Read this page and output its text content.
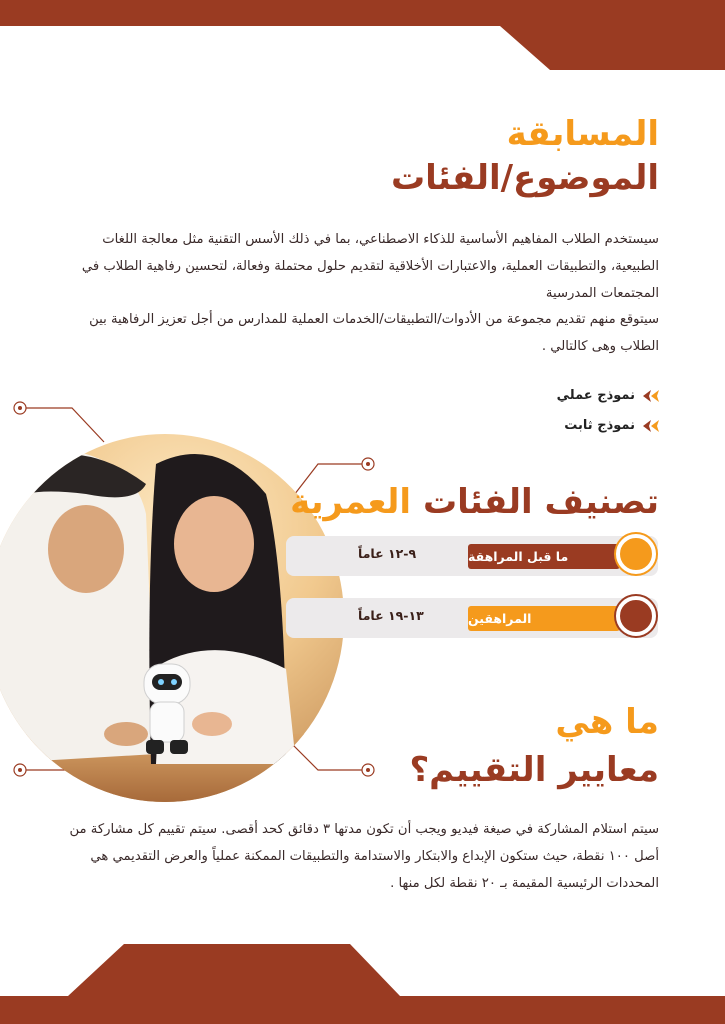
المسابقة
الموضوع/الفئات
سيستخدم الطلاب المفاهيم الأساسية للذكاء الاصطناعي، بما في ذلك الأسس التقنية مثل معالجة اللغات الطبيعية، والتطبيقات العملية، والاعتبارات الأخلاقية لتقديم حلول محتملة وفعالة، لتحسين رفاهية الطلاب في المجتمعات المدرسية
سيتوقع منهم تقديم مجموعة من الأدوات/التطبيقات/الخدمات العملية للمدارس من أجل تعزيز الرفاهية بين الطلاب وهى كالتالي .
نموذج عملي
نموذج ثابت
تصنيف الفئات العمرية
٩-١٢ عاماً	ما قبل المراهقة
١٣-١٩ عاماً	المراهقين
ما هي
معايير التقييم؟
سيتم استلام المشاركة في صيغة فيديو ويجب أن تكون مدتها ٣ دقائق كحد أقصى. سيتم تقييم كل مشاركة من أصل ١٠٠ نقطة، حيث ستكون الإبداع والابتكار والاستدامة والتطبيقات الممكنة عملياً والعرض التقديمي هي المحددات الرئيسية المقيمة بـ ٢٠ نقطة لكل منها .
